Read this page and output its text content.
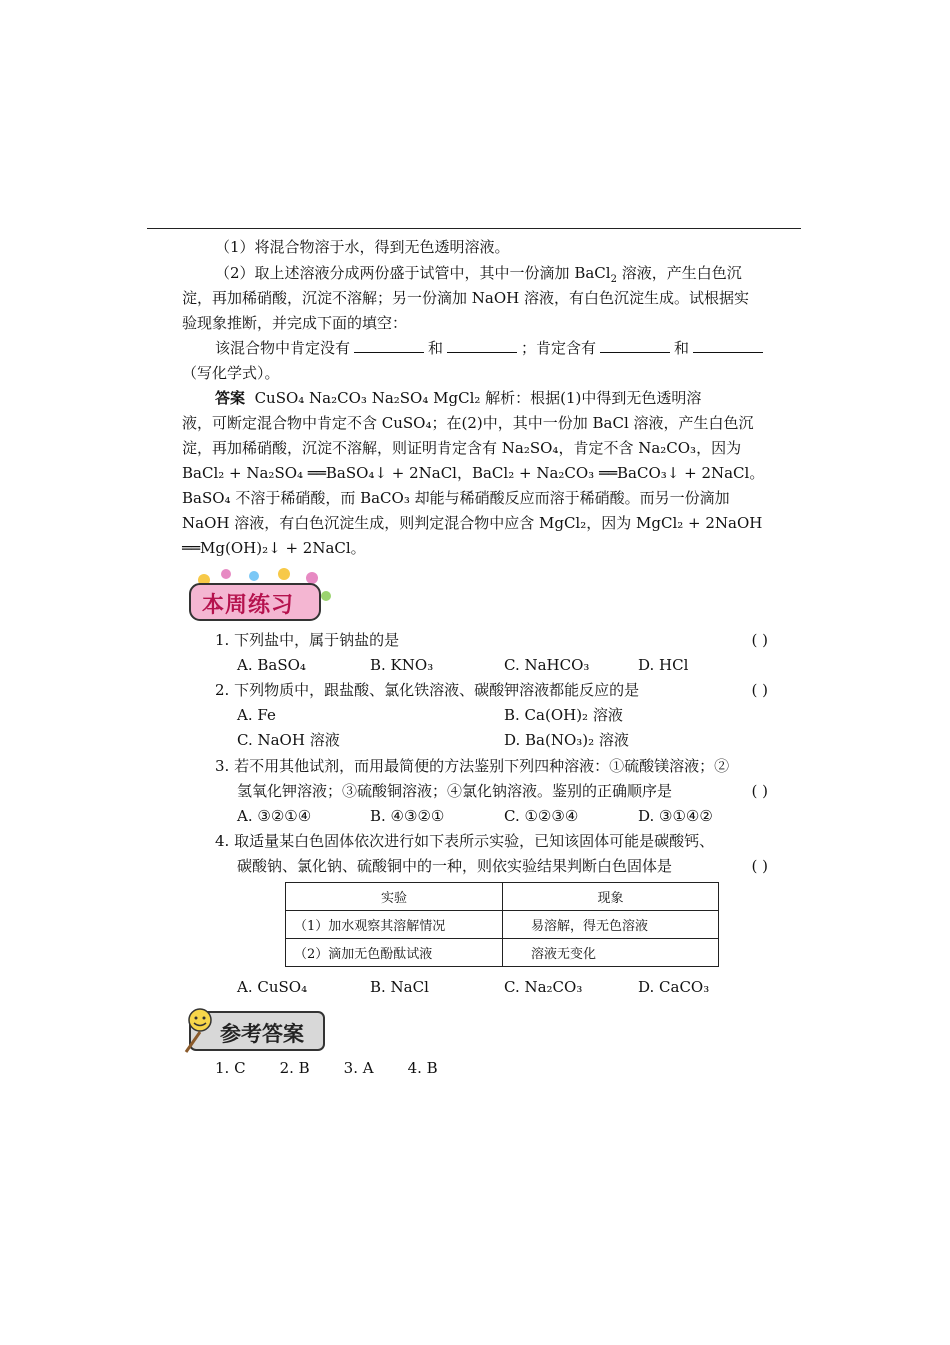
（1）将混合物溶于水，得到无色透明溶液。
（2）取上述溶液分成两份盛于试管中，其中一份滴加 BaCl$_2$ 溶液，产生白色沉
淀，再加稀硝酸，沉淀不溶解；另一份滴加 NaOH 溶液，有白色沉淀生成。试根据实
验现象推断，并完成下面的填空：
该混合物中肯定没有	和	；肯定含有	和
（写化学式）。
答案 CuSO₄ Na₂CO₃ Na₂SO₄ MgCl₂ 解析：根据(1)中得到无色透明溶
液，可断定混合物中肯定不含 CuSO₄；在(2)中，其中一份加 BaCl 溶液，产生白色沉
淀，再加稀硝酸，沉淀不溶解，则证明肯定含有 Na₂SO₄，肯定不含 Na₂CO₃，因为
BaCl₂ + Na₂SO₄ ══BaSO₄↓ + 2NaCl，BaCl₂ + Na₂CO₃ ══BaCO₃↓ + 2NaCl。
BaSO₄ 不溶于稀硝酸，而 BaCO₃ 却能与稀硝酸反应而溶于稀硝酸。而另一份滴加
NaOH 溶液，有白色沉淀生成，则判定混合物中应含 MgCl₂，因为 MgCl₂ + 2NaOH
══Mg(OH)₂↓ + 2NaCl。
本周练习
1. 下列盐中，属于钠盐的是	( )
A. BaSO₄	B. KNO₃	C. NaHCO₃	D. HCl
2. 下列物质中，跟盐酸、氯化铁溶液、碳酸钾溶液都能反应的是	( )
A. Fe	B. Ca(OH)₂ 溶液
C. NaOH 溶液	D. Ba(NO₃)₂ 溶液
3. 若不用其他试剂，而用最简便的方法鉴别下列四种溶液：①硫酸镁溶液；②
氢氧化钾溶液；③硫酸铜溶液；④氯化钠溶液。鉴别的正确顺序是	( )
A. ③②①④	B. ④③②①	C. ①②③④	D. ③①④②
4. 取适量某白色固体依次进行如下表所示实验，已知该固体可能是碳酸钙、
碳酸钠、氯化钠、硫酸铜中的一种，则依实验结果判断白色固体是	( )
实验	现象
（1）加水观察其溶解情况	易溶解，得无色溶液
（2）滴加无色酚酞试液	溶液无变化
A. CuSO₄	B. NaCl	C. Na₂CO₃	D. CaCO₃
参考答案
1. C 2. B 3. A 4. B
